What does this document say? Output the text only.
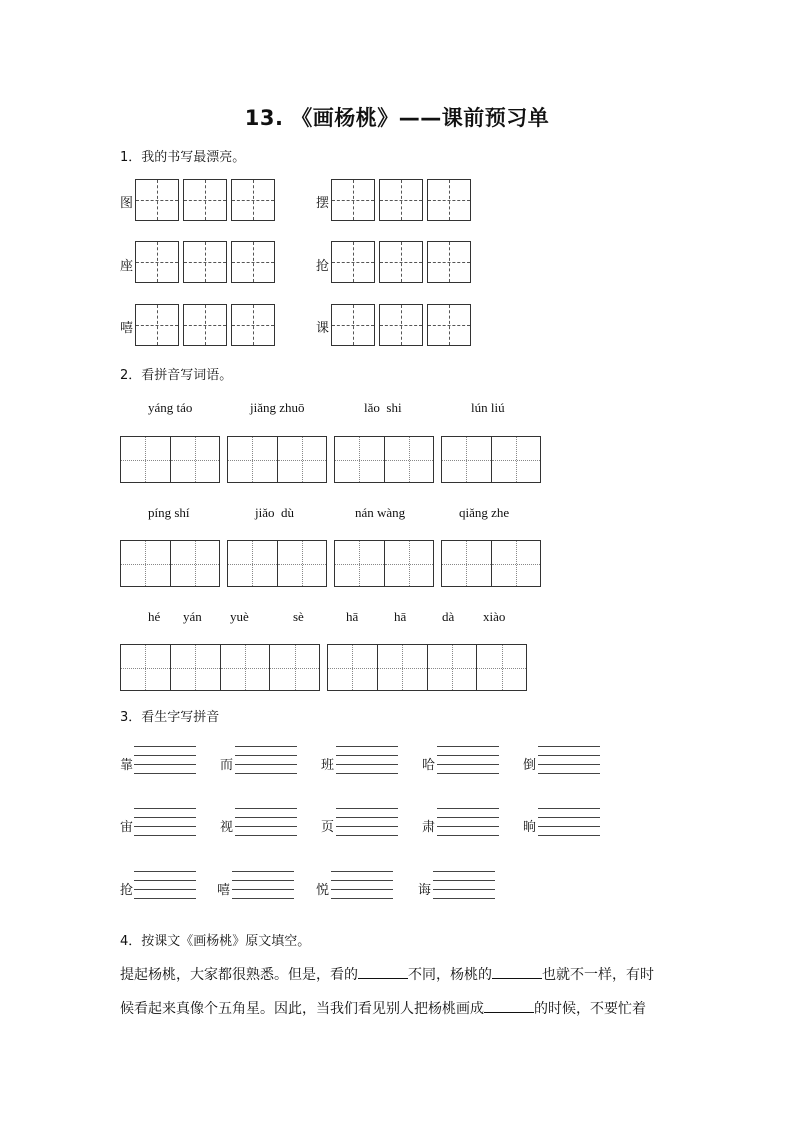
13. 《画杨桃》——课前预习单
1．我的书写最漂亮。
图	摆
座	抢
嘻	课
2．看拼音写词语。
yáng táo	jiǎng zhuō	lǎo  shi	lún liú
píng shí	jiǎo  dù	nán wàng	qiǎng zhe
hé yán yuè	sè	hā	hā	dà xiào
3．看生字写拼音
靠	而	班	哈	倒
宙	视	页	肃	晌
抢	嘻	悦	诲
4．按课文《画杨桃》原文填空。
提起杨桃，大家都很熟悉。但是，看的	不同，杨桃的	也就不一样，有时
候看起来真像个五角星。因此，当我们看见别人把杨桃画成	的时候，不要忙着
